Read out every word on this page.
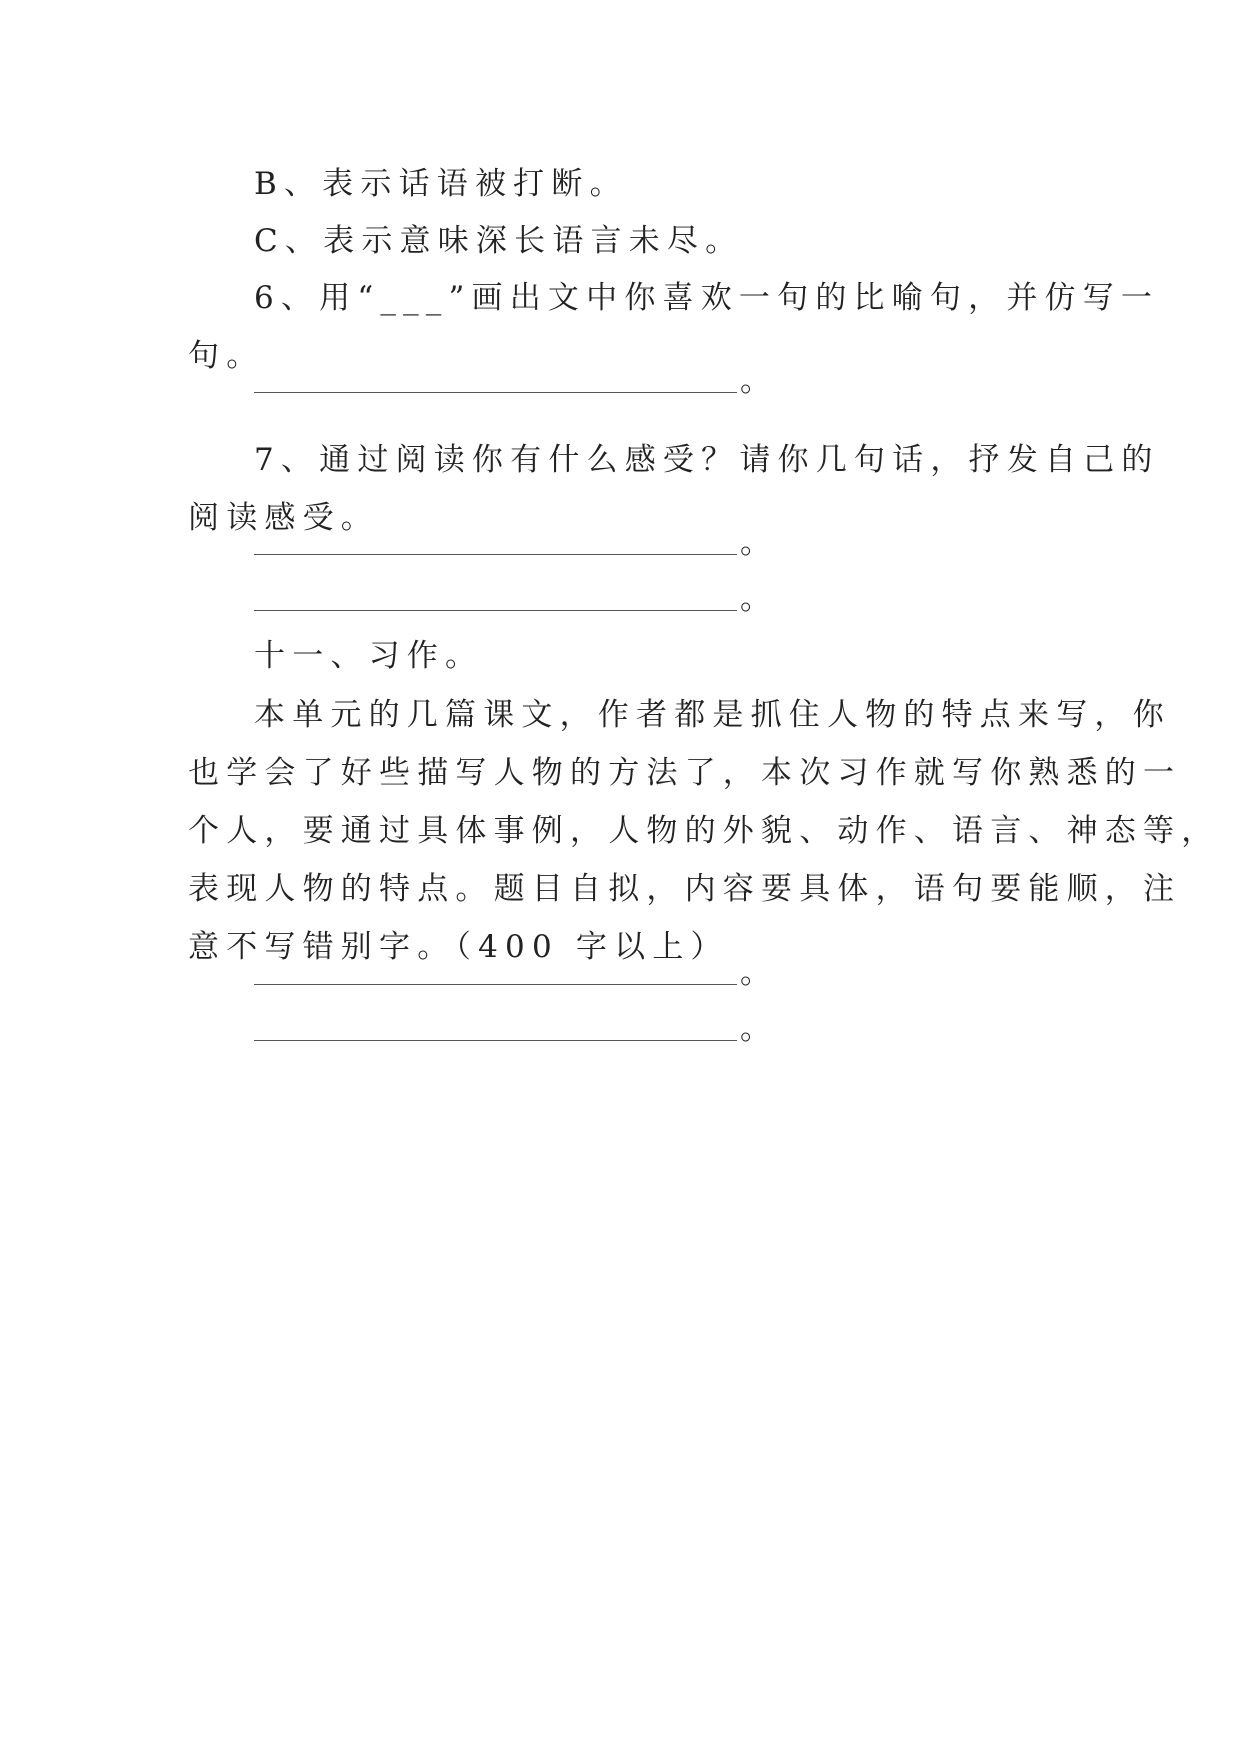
B、表示话语被打断。
C、表示意味深长语言未尽。
6、用“___”画出文中你喜欢一句的比喻句，并仿写一
句。
。
7、通过阅读你有什么感受？请你几句话，抒发自己的
阅读感受。
。
。
十一、习作。
本单元的几篇课文，作者都是抓住人物的特点来写，你
也学会了好些描写人物的方法了，本次习作就写你熟悉的一
个人，要通过具体事例，人物的外貌、动作、语言、神态等，
表现人物的特点。题目自拟，内容要具体，语句要能顺，注
意不写错别字。（400 字以上）
。
。
